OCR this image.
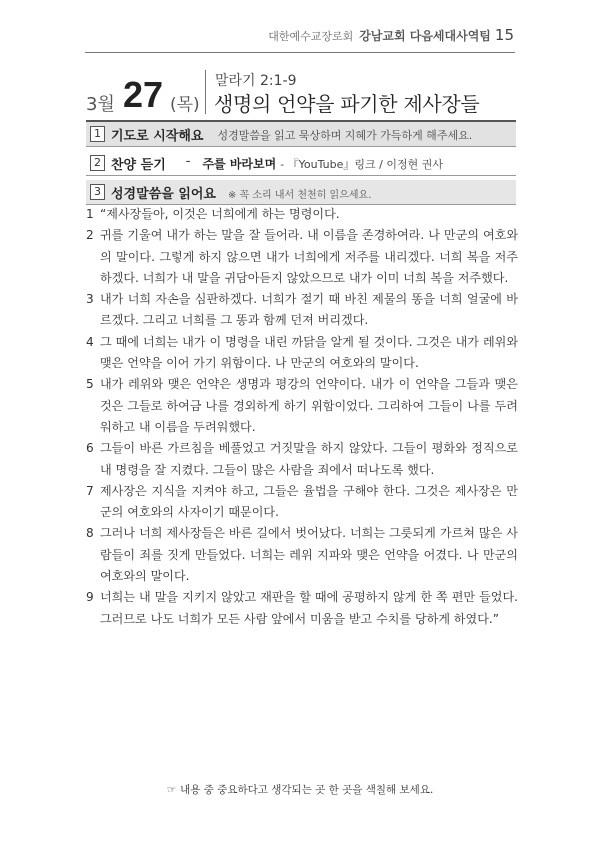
대한예수교장로회 강남교회 다음세대사역팀 15
3월 27 (목)
말라기 2:1-9
생명의 언약을 파기한 제사장들
1 기도로 시작해요 성경말씀을 읽고 묵상하며 지혜가 가득하게 해주세요.
2 찬양 듣기 - 주를 바라보며 - 『YouTube』링크 / 이정현 권사
3 성경말씀을 읽어요 ※ 꼭 소리 내서 천천히 읽으세요.
1 “제사장들아, 이것은 너희에게 하는 명령이다.
2 귀를 기울여 내가 하는 말을 잘 들어라. 내 이름을 존경하여라. 나 만군의 여호와의 말이다. 그렇게 하지 않으면 내가 너희에게 저주를 내리겠다. 너희 복을 저주하겠다. 너희가 내 말을 귀담아듣지 않았으므로 내가 이미 너희 복을 저주했다.
3 내가 너희 자손을 심판하겠다. 너희가 절기 때 바친 제물의 똥을 너희 얼굴에 바르겠다. 그리고 너희를 그 똥과 함께 던져 버리겠다.
4 그 때에 너희는 내가 이 명령을 내린 까닭을 알게 될 것이다. 그것은 내가 레위와 맺은 언약을 이어 가기 위함이다. 나 만군의 여호와의 말이다.
5 내가 레위와 맺은 언약은 생명과 평강의 언약이다. 내가 이 언약을 그들과 맺은 것은 그들로 하여금 나를 경외하게 하기 위함이었다. 그리하여 그들이 나를 두려워하고 내 이름을 두려워했다.
6 그들이 바른 가르침을 베풀었고 거짓말을 하지 않았다. 그들이 평화와 정직으로 내 명령을 잘 지켰다. 그들이 많은 사람을 죄에서 떠나도록 했다.
7 제사장은 지식을 지켜야 하고, 그들은 율법을 구해야 한다. 그것은 제사장은 만군의 여호와의 사자이기 때문이다.
8 그러나 너희 제사장들은 바른 길에서 벗어났다. 너희는 그릇되게 가르쳐 많은 사람들이 죄를 짓게 만들었다. 너희는 레위 지파와 맺은 언약을 어겼다. 나 만군의 여호와의 말이다.
9 너희는 내 말을 지키지 않았고 재판을 할 때에 공평하지 않게 한 쪽 편만 들었다. 그러므로 나도 너희가 모든 사람 앞에서 미움을 받고 수치를 당하게 하였다.”
☞ 내용 중 중요하다고 생각되는 곳 한 곳을 색칠해 보세요.
